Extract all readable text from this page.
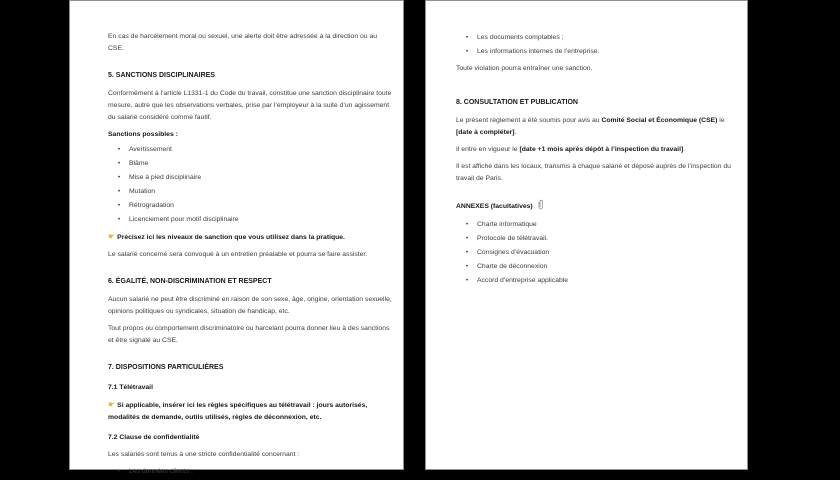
En cas de harcèlement moral ou sexuel, une alerte doit être adressée à la direction ou au CSE.

5. SANCTIONS DISCIPLINAIRES

Conformément à l’article L1331-1 du Code du travail, constitue une sanction disciplinaire toute mesure, autre que les observations verbales, prise par l’employeur à la suite d’un agissement du salarié considéré comme fautif.

Sanctions possibles :
•	Avertissement
•	Blâme
•	Mise à pied disciplinaire
•	Mutation
•	Rétrogradation
•	Licenciement pour motif disciplinaire

☛ Précisez ici les niveaux de sanction que vous utilisez dans la pratique.

Le salarié concerné sera convoqué à un entretien préalable et pourra se faire assister.

6. ÉGALITÉ, NON-DISCRIMINATION ET RESPECT

Aucun salarié ne peut être discriminé en raison de son sexe, âge, origine, orientation sexuelle, opinions politiques ou syndicales, situation de handicap, etc.

Tout propos ou comportement discriminatoire ou harcelant pourra donner lieu à des sanctions et être signalé au CSE.

7. DISPOSITIONS PARTICULIÈRES
7.1 Télétravail

☛ Si applicable, insérer ici les règles spécifiques au télétravail : jours autorisés, modalités de demande, outils utilisés, règles de déconnexion, etc.

7.2 Clause de confidentialité

Les salariés sont tenus à une stricte confidentialité concernant :

•	Les données clients ;
•	Les documents comptables ;
•	Les informations internes de l’entreprise.

Toute violation pourra entraîner une sanction.

8. CONSULTATION ET PUBLICATION

Le présent règlement a été soumis pour avis au Comité Social et Économique (CSE) le [date à compléter].

Il entre en vigueur le [date +1 mois après dépôt à l’inspection du travail].

Il est affiché dans les locaux, transmis à chaque salarié et déposé auprès de l’inspection du travail de Paris.

ANNEXES (facultatives)
•	Charte informatique
•	Protocole de télétravail.
•	Consignes d’évacuation
•	Charte de déconnexion
•	Accord d’entreprise applicable
